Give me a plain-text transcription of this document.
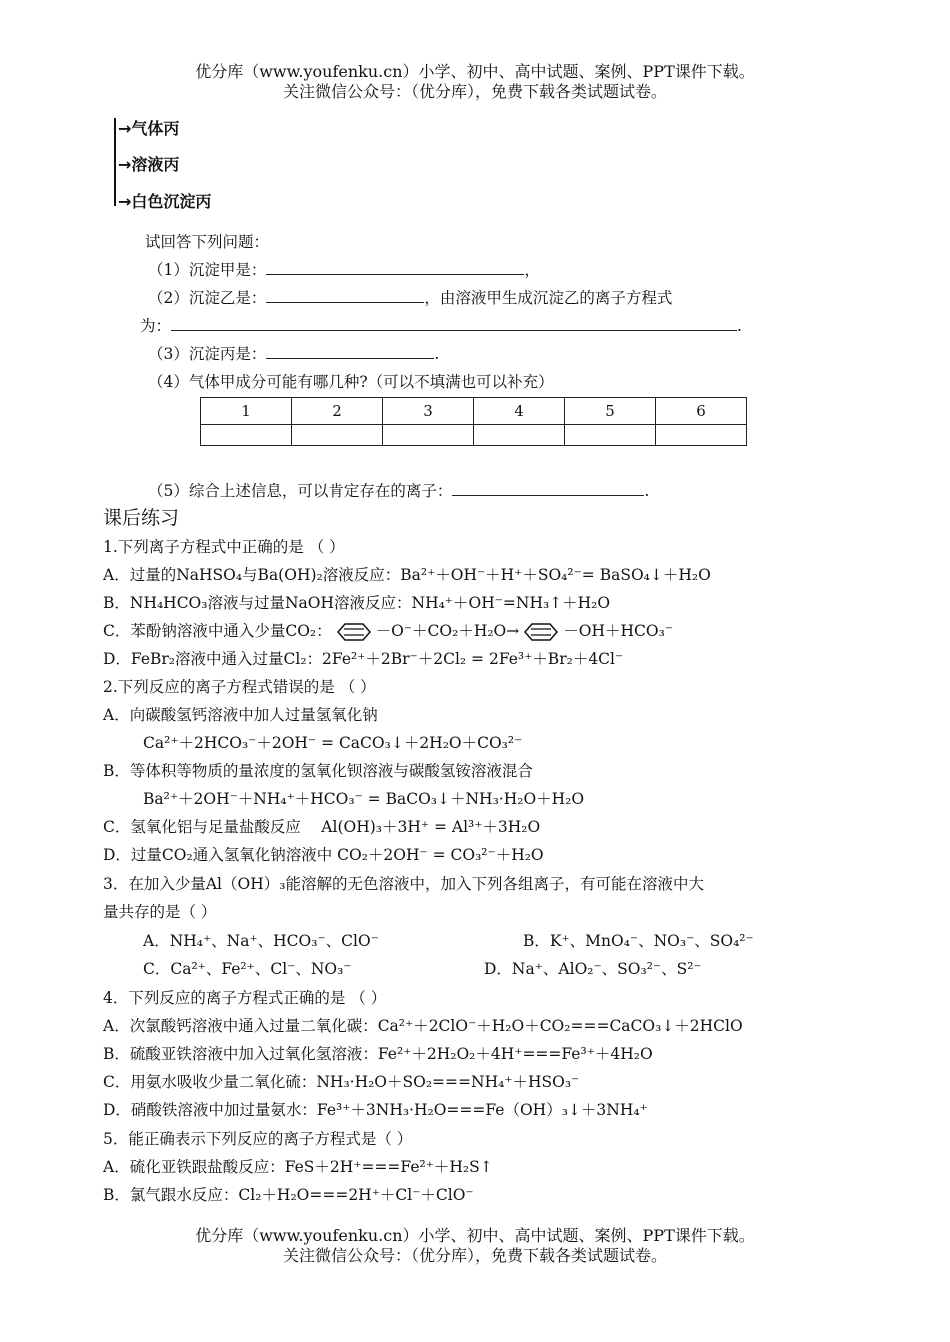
优分库（www.youfenku.cn）小学、初中、高中试题、案例、PPT课件下载。
关注微信公众号：（优分库），免费下载各类试题试卷。
→气体丙
→溶液丙
→白色沉淀丙
试回答下列问题：
（1）沉淀甲是：	，
（2）沉淀乙是：	，由溶液甲生成沉淀乙的离子方程式
为：	.
（3）沉淀丙是：	.
（4）气体甲成分可能有哪几种?（可以不填满也可以补充）
1	2	3	4	5	6

（5）综合上述信息，可以肯定存在的离子：	.
课后练习
1.下列离子方程式中正确的是 （ ）
A．过量的NaHSO₄与Ba(OH)₂溶液反应：Ba²⁺＋OH⁻＋H⁺＋SO₄²⁻= BaSO₄↓＋H₂O
B．NH₄HCO₃溶液与过量NaOH溶液反应：NH₄⁺＋OH⁻=NH₃↑＋H₂O
C．苯酚钠溶液中通入少量CO₂：	－O⁻＋CO₂＋H₂O→	－OH＋HCO₃⁻
D．FeBr₂溶液中通入过量Cl₂：2Fe²⁺＋2Br⁻＋2Cl₂ = 2Fe³⁺＋Br₂＋4Cl⁻
2.下列反应的离子方程式错误的是 （ ）
A．向碳酸氢钙溶液中加人过量氢氧化钠
Ca²⁺＋2HCO₃⁻＋2OH⁻ = CaCO₃↓＋2H₂O＋CO₃²⁻
B．等体积等物质的量浓度的氢氧化钡溶液与碳酸氢铵溶液混合
Ba²⁺＋2OH⁻＋NH₄⁺＋HCO₃⁻ = BaCO₃↓＋NH₃·H₂O＋H₂O
C．氢氧化铝与足量盐酸反应　 Al(OH)₃＋3H⁺ = Al³⁺＋3H₂O
D．过量CO₂通入氢氧化钠溶液中 CO₂＋2OH⁻ = CO₃²⁻＋H₂O
3．在加入少量Al（OH）₃能溶解的无色溶液中，加入下列各组离子，有可能在溶液中大
量共存的是（ ）
A．NH₄⁺、Na⁺、HCO₃⁻、ClO⁻	B．K⁺、MnO₄⁻、NO₃⁻、SO₄²⁻
C．Ca²⁺、Fe²⁺、Cl⁻、NO₃⁻	D．Na⁺、AlO₂⁻、SO₃²⁻、S²⁻
4．下列反应的离子方程式正确的是 （ ）
A．次氯酸钙溶液中通入过量二氧化碳：Ca²⁺＋2ClO⁻＋H₂O＋CO₂===CaCO₃↓＋2HClO
B．硫酸亚铁溶液中加入过氧化氢溶液：Fe²⁺＋2H₂O₂＋4H⁺===Fe³⁺＋4H₂O
C．用氨水吸收少量二氧化硫：NH₃·H₂O＋SO₂===NH₄⁺＋HSO₃⁻
D．硝酸铁溶液中加过量氨水：Fe³⁺＋3NH₃·H₂O===Fe（OH）₃↓＋3NH₄⁺
5．能正确表示下列反应的离子方程式是（ ）
A．硫化亚铁跟盐酸反应：FeS＋2H⁺===Fe²⁺＋H₂S↑
B．氯气跟水反应：Cl₂＋H₂O===2H⁺＋Cl⁻＋ClO⁻
优分库（www.youfenku.cn）小学、初中、高中试题、案例、PPT课件下载。
关注微信公众号：（优分库），免费下载各类试题试卷。
